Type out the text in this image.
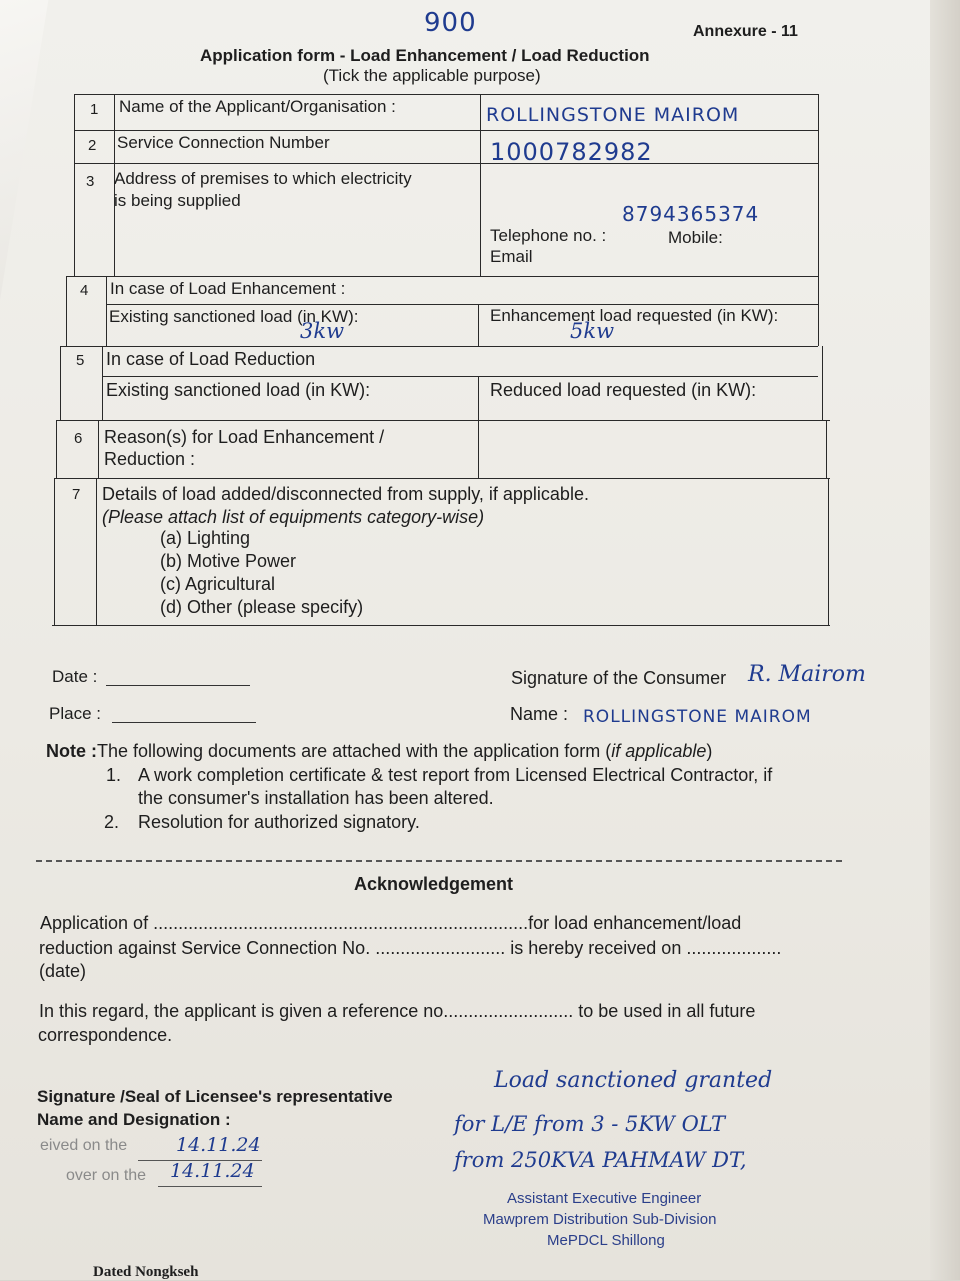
900	Annexure - 11
Application form - Load Enhancement / Load Reduction
(Tick the applicable purpose)
1 Name of the Applicant/Organisation :	ROLLINGSTONE MAIROM
2 Service Connection Number	1000782982
3 Address of premises to which electricity
is being supplied
8794365374
Telephone no. :	Mobile:
Email
4 In case of Load Enhancement :
Existing sanctioned load (in KW):
3kw
Enhancement load requested (in KW):
5kw
5 In case of Load Reduction
Existing sanctioned load (in KW):	Reduced load requested (in KW):
6 Reason(s) for Load Enhancement /
Reduction :
7 Details of load added/disconnected from supply, if applicable.
(Please attach list of equipments category-wise)
(a) Lighting
(b) Motive Power
(c) Agricultural
(d) Other (please specify)
Date :
Place :
Signature of the Consumer R. Mairom
Name : ROLLINGSTONE MAIROM
Note :The following documents are attached with the application form (if applicable)
1. A work completion certificate & test report from Licensed Electrical Contractor, if
the consumer's installation has been altered.
2. Resolution for authorized signatory.
Acknowledgement
Application of ...........................................................................for load enhancement/load
reduction against Service Connection No. .......................... is hereby received on ...................
(date)
In this regard, the applicant is given a reference no.......................... to be used in all future
correspondence.
Signature /Seal of Licensee's representative
Name and Designation :
eived on the	14.11.24
over on the 14.11.24
Load sanctioned granted
for L/E from 3 - 5KW OLT
from 250KVA PAHMAW DT,
Assistant Executive Engineer
Mawprem Distribution Sub-Division
MePDCL Shillong
Dated Nongkseh
